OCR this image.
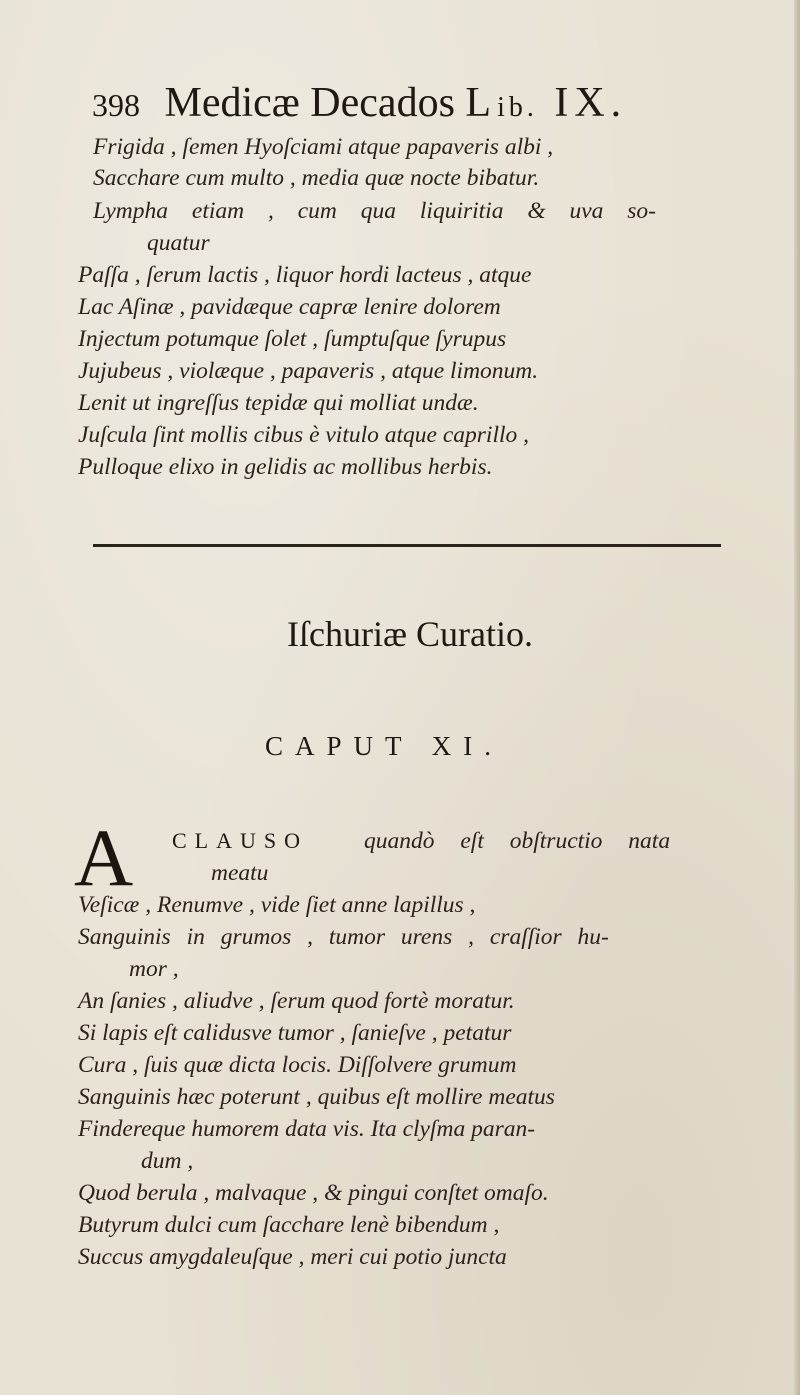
398 Medicæ Decados Lib. IX.
Frigida , ſemen Hyoſciami atque papaveris albi ,
Sacchare cum multo , media quæ nocte bibatur.
Lympha etiam , cum qua liquiritia & uva so-
quatur
Paſſa , ſerum lactis , liquor hordi lacteus , atque
Lac Aſinæ , pavidæque capræ lenire dolorem
Injectum potumque ſolet , ſumptuſque ſyrupus
Jujubeus , violæque , papaveris , atque limonum.
Lenit ut ingreſſus tepidæ qui molliat undæ.
Juſcula ſint mollis cibus è vitulo atque caprillo ,
Pulloque elixo in gelidis ac mollibus herbis.
Iſchuriæ Curatio.
CAPUT XI.
A CLAUSO quandò eſt obſtructio nata
meatu
Veſicæ , Renumve , vide ſiet anne lapillus ,
Sanguinis in grumos , tumor urens , craſſior hu-
mor ,
An ſanies , aliudve , ſerum quod fortè moratur.
Si lapis eſt calidusve tumor , ſanieſve , petatur
Cura , ſuis quæ dicta locis. Diſſolvere grumum
Sanguinis hæc poterunt , quibus eſt mollire meatus
Findereque humorem data vis. Ita clyſma paran-
dum ,
Quod berula , malvaque , & pingui conſtet omaſo.
Butyrum dulci cum ſacchare lenè bibendum ,
Succus amygdaleuſque , meri cui potio juncta
